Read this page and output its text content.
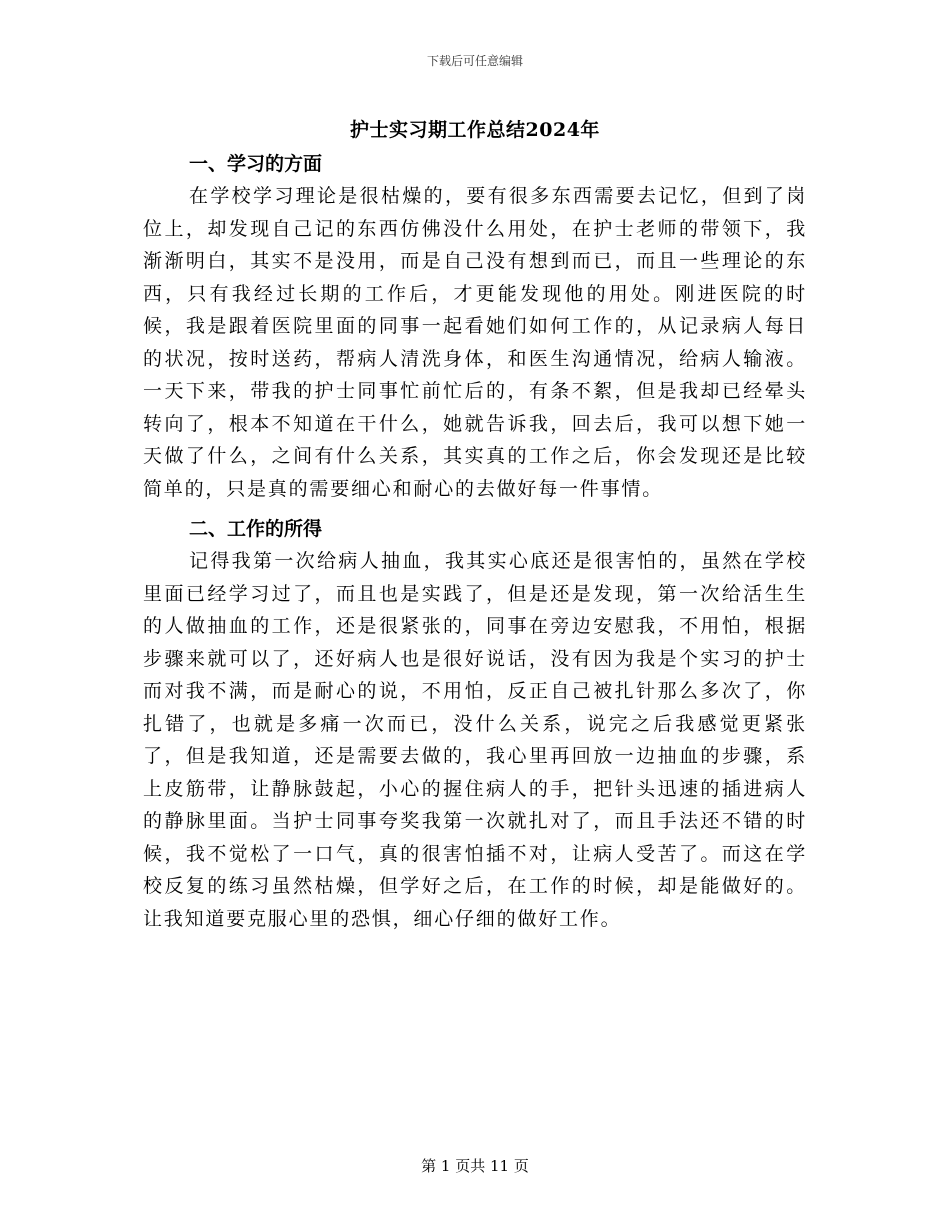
下载后可任意编辑
护士实习期工作总结2024年
一、学习的方面

在学校学习理论是很枯燥的，要有很多东西需要去记忆，但到了岗位上，却发现自己记的东西仿佛没什么用处，在护士老师的带领下，我渐渐明白，其实不是没用，而是自己没有想到而已，而且一些理论的东西，只有我经过长期的工作后，才更能发现他的用处。刚进医院的时候，我是跟着医院里面的同事一起看她们如何工作的，从记录病人每日的状况，按时送药，帮病人清洗身体，和医生沟通情况，给病人输液。一天下来，带我的护士同事忙前忙后的，有条不絮，但是我却已经晕头转向了，根本不知道在干什么，她就告诉我，回去后，我可以想下她一天做了什么，之间有什么关系，其实真的工作之后，你会发现还是比较简单的，只是真的需要细心和耐心的去做好每一件事情。

二、工作的所得

记得我第一次给病人抽血，我其实心底还是很害怕的，虽然在学校里面已经学习过了，而且也是实践了，但是还是发现，第一次给活生生的人做抽血的工作，还是很紧张的，同事在旁边安慰我，不用怕，根据步骤来就可以了，还好病人也是很好说话，没有因为我是个实习的护士而对我不满，而是耐心的说，不用怕，反正自己被扎针那么多次了，你扎错了，也就是多痛一次而已，没什么关系，说完之后我感觉更紧张了，但是我知道，还是需要去做的，我心里再回放一边抽血的步骤，系上皮筋带，让静脉鼓起，小心的握住病人的手，把针头迅速的插进病人的静脉里面。当护士同事夸奖我第一次就扎对了，而且手法还不错的时候，我不觉松了一口气，真的很害怕插不对，让病人受苦了。而这在学校反复的练习虽然枯燥，但学好之后，在工作的时候，却是能做好的。让我知道要克服心里的恐惧，细心仔细的做好工作。

第 1 页共 11 页
